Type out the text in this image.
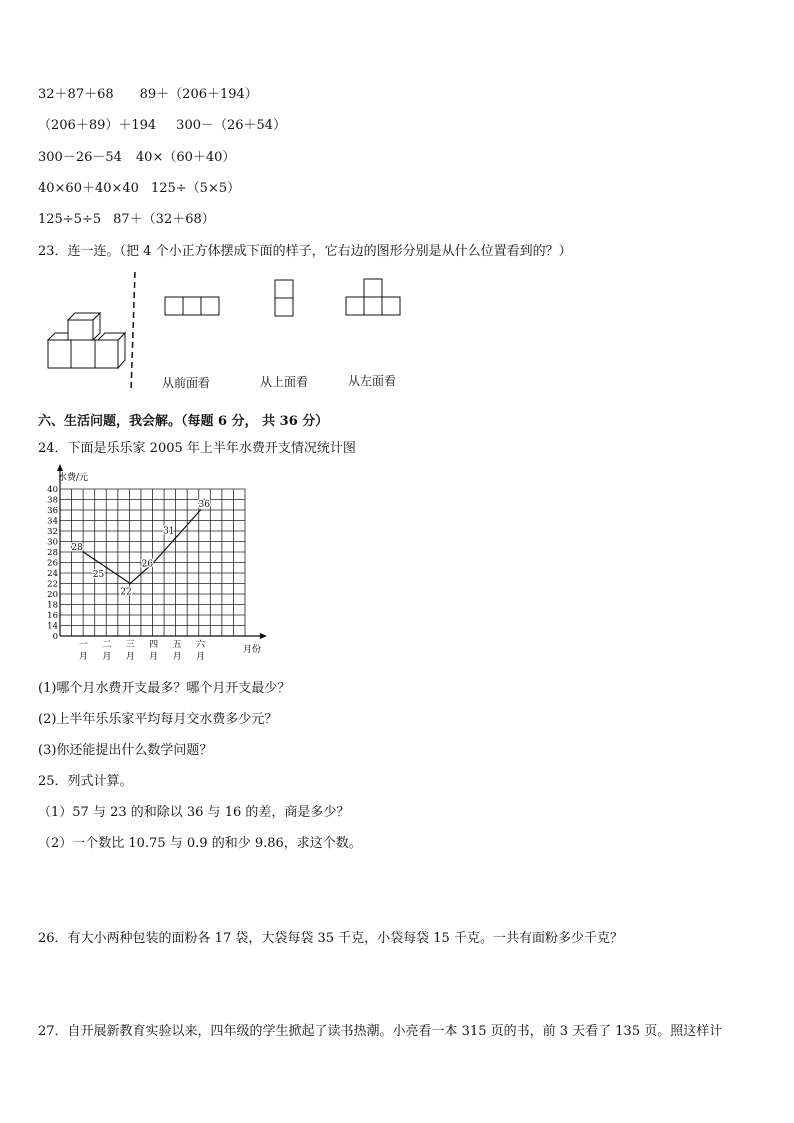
32＋87＋68 89＋（206＋194）
（206＋89）＋194 300－（26＋54）
300－26－54 40×（60＋40）
40×60＋40×40 125÷（5×5）
125÷5÷5 87＋（32＋68）
23．连一连。（把 4 个小正方体摆成下面的样子，它右边的图形分别是从什么位置看到的？）
从前面看	从上面看	从左面看
六、生活问题，我会解。（每题 6 分， 共 36 分）
24．下面是乐乐家 2005 年上半年水费开支情况统计图
0
14
16
18
20
22
24
26
28
30
32
34
36
38
40
一
月
二
月
三
月
四
月
五
月
六
月
28
25
22
26
31
36
水费/元
月份
(1)哪个月水费开支最多？哪个月开支最少？
(2)上半年乐乐家平均每月交水费多少元？
(3)你还能提出什么数学问题？
25．列式计算。
（1）57 与 23 的和除以 36 与 16 的差，商是多少？
（2）一个数比 10.75 与 0.9 的和少 9.86，求这个数。
26．有大小两种包装的面粉各 17 袋，大袋每袋 35 千克，小袋每袋 15 千克。一共有面粉多少千克？
27．自开展新教育实验以来，四年级的学生掀起了读书热潮。小亮看一本 315 页的书，前 3 天看了 135 页。照这样计
